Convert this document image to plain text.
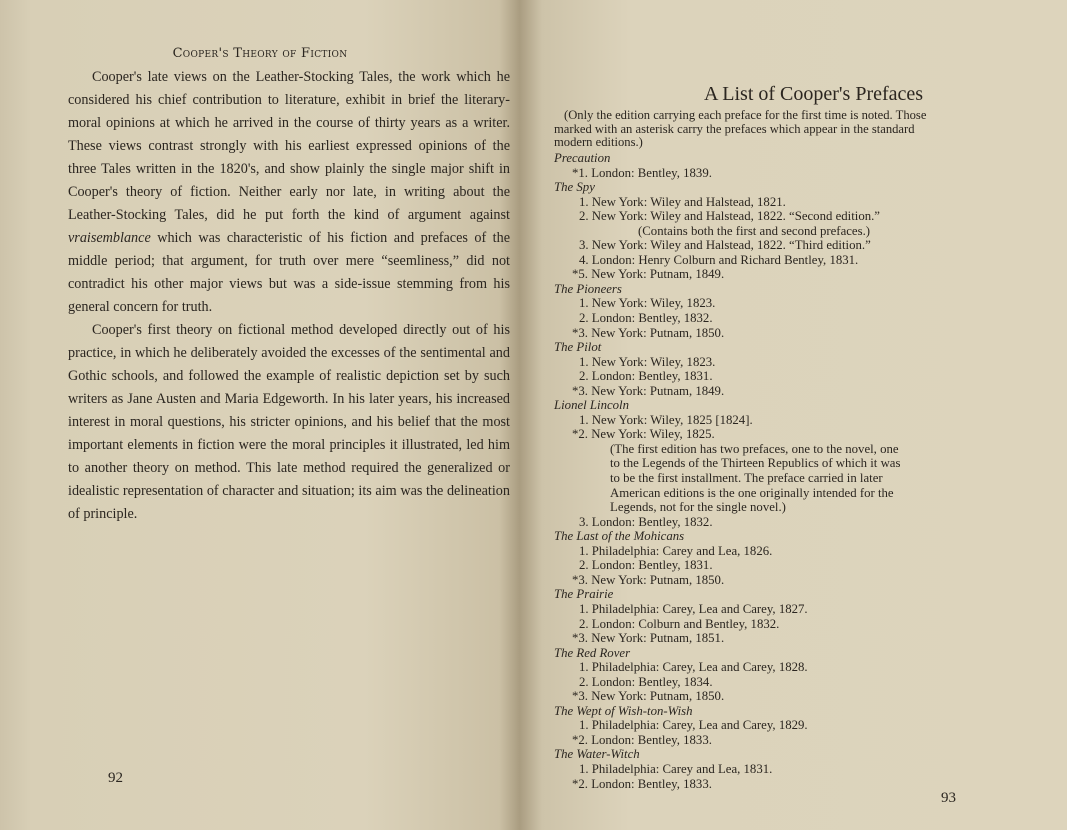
Cooper's Theory of Fiction

Cooper's late views on the Leather-Stocking Tales, the work which he considered his chief contribution to literature, exhibit in brief the literary-moral opinions at which he arrived in the course of thirty years as a writer. These views contrast strongly with his earliest expressed opinions of the three Tales written in the 1820's, and show plainly the single major shift in Cooper's theory of fiction. Neither early nor late, in writing about the Leather-Stocking Tales, did he put forth the kind of argument against vraisemblance which was characteristic of his fiction and prefaces of the middle period; that argument, for truth over mere “seemliness,” did not contradict his other major views but was a side-issue stemming from his general concern for truth.

Cooper's first theory on fictional method developed directly out of his practice, in which he deliberately avoided the excesses of the sentimental and Gothic schools, and followed the example of realistic depiction set by such writers as Jane Austen and Maria Edgeworth. In his later years, his increased interest in moral questions, his stricter opinions, and his belief that the most important elements in fiction were the moral principles it illustrated, led him to another theory on method. This late method required the generalized or idealistic representation of character and situation; its aim was the delineation of principle.

92
A List of Cooper's Prefaces
(Only the edition carrying each preface for the first time is noted. Those
marked with an asterisk carry the prefaces which appear in the standard
modern editions.)
Precaution
*1. London: Bentley, 1839.
The Spy
1. New York: Wiley and Halstead, 1821.
2. New York: Wiley and Halstead, 1822. “Second edition.”
(Contains both the first and second prefaces.)
3. New York: Wiley and Halstead, 1822. “Third edition.”
4. London: Henry Colburn and Richard Bentley, 1831.
*5. New York: Putnam, 1849.
The Pioneers
1. New York: Wiley, 1823.
2. London: Bentley, 1832.
*3. New York: Putnam, 1850.
The Pilot
1. New York: Wiley, 1823.
2. London: Bentley, 1831.
*3. New York: Putnam, 1849.
Lionel Lincoln
1. New York: Wiley, 1825 [1824].
*2. New York: Wiley, 1825.
(The first edition has two prefaces, one to the novel, one
to the Legends of the Thirteen Republics of which it was
to be the first installment. The preface carried in later
American editions is the one originally intended for the
Legends, not for the single novel.)
3. London: Bentley, 1832.
The Last of the Mohicans
1. Philadelphia: Carey and Lea, 1826.
2. London: Bentley, 1831.
*3. New York: Putnam, 1850.
The Prairie
1. Philadelphia: Carey, Lea and Carey, 1827.
2. London: Colburn and Bentley, 1832.
*3. New York: Putnam, 1851.
The Red Rover
1. Philadelphia: Carey, Lea and Carey, 1828.
2. London: Bentley, 1834.
*3. New York: Putnam, 1850.
The Wept of Wish-ton-Wish
1. Philadelphia: Carey, Lea and Carey, 1829.
*2. London: Bentley, 1833.
The Water-Witch
1. Philadelphia: Carey and Lea, 1831.
*2. London: Bentley, 1833.
93
